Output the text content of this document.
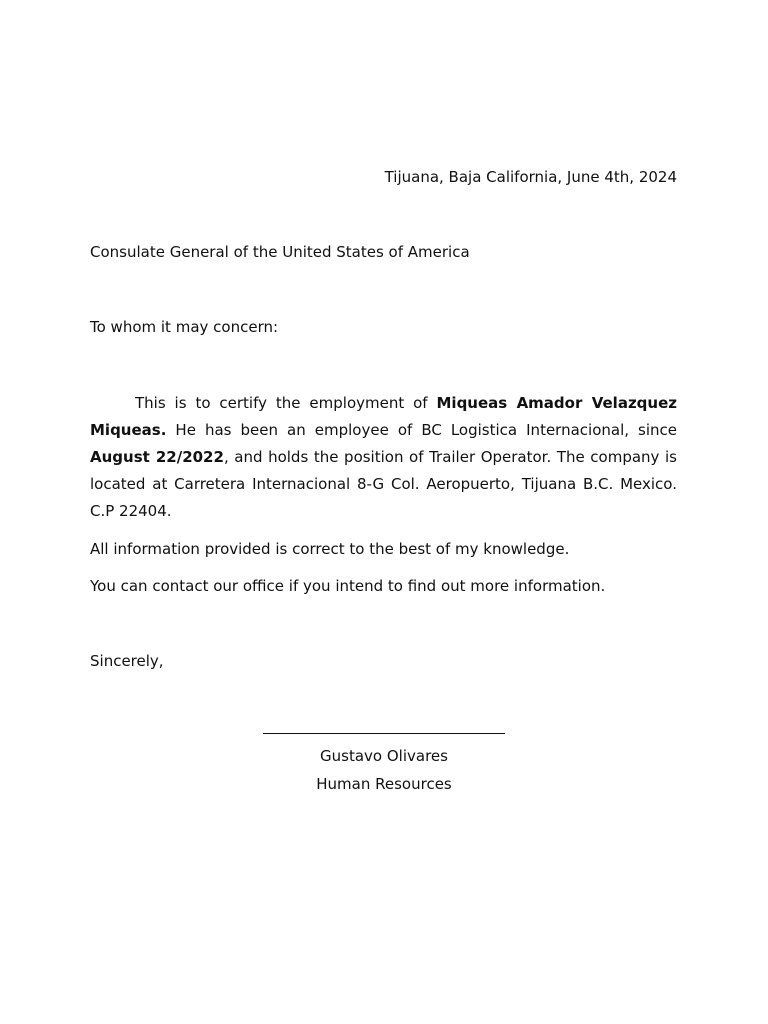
Tijuana, Baja California, June 4th, 2024
Consulate General of the United States of America
To whom it may concern:
This is to certify the employment of Miqueas Amador Velazquez Miqueas. He has been an employee of BC Logistica Internacional, since August 22/2022, and holds the position of Trailer Operator. The company is located at Carretera Internacional 8-G Col. Aeropuerto, Tijuana B.C. Mexico. C.P 22404.
All information provided is correct to the best of my knowledge.
You can contact our office if you intend to find out more information.
Sincerely,
Gustavo Olivares
Human Resources
